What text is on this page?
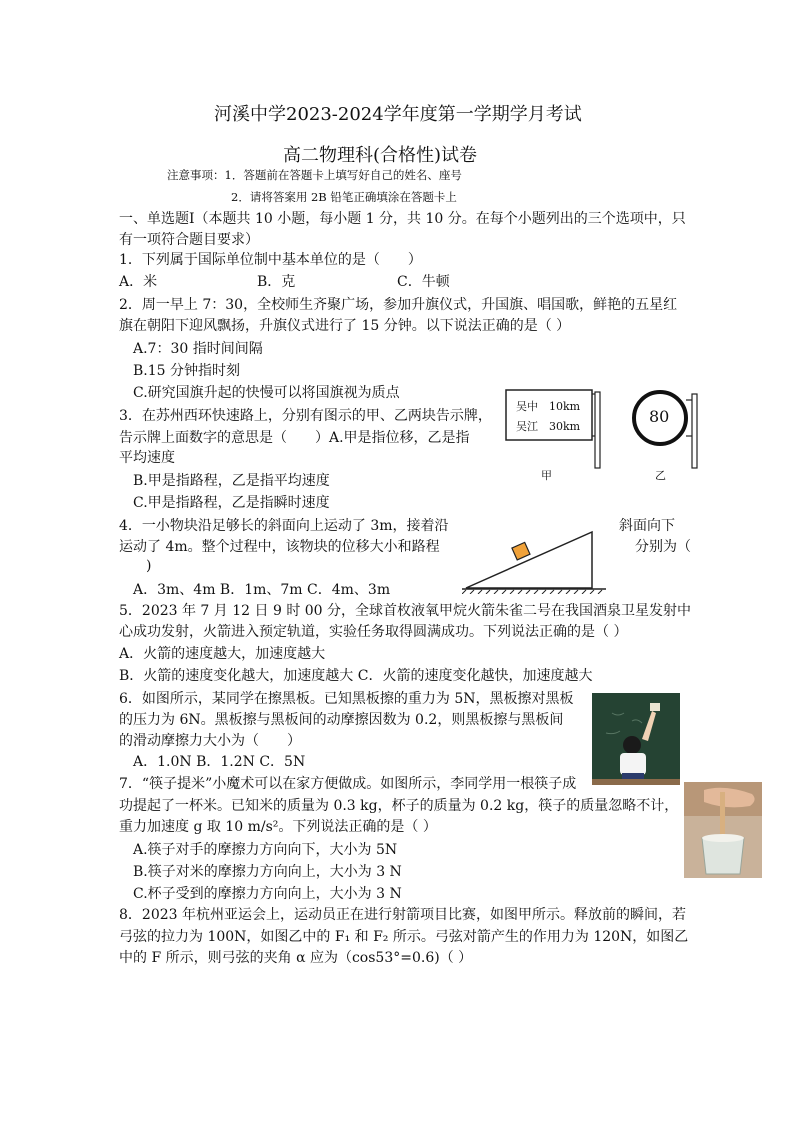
河溪中学2023-2024学年度第一学期学月考试
高二物理科(合格性)试卷
注意事项：1．答题前在答题卡上填写好自己的姓名、座号
2．请将答案用 2B 铅笔正确填涂在答题卡上
一、单选题Ⅰ（本题共 10 小题，每小题 1 分，共 10 分。在每个小题列出的三个选项中，只
有一项符合题目要求）
1．下列属于国际单位制中基本单位的是（　　）
A．米	B．克	C．牛顿
2．周一早上 7：30，全校师生齐聚广场，参加升旗仪式，升国旗、唱国歌，鲜艳的五星红
旗在朝阳下迎风飘扬，升旗仪式进行了 15 分钟。以下说法正确的是（ ）
A.7：30 指时间间隔
B.15 分钟指时刻
C.研究国旗升起的快慢可以将国旗视为质点
3．在苏州西环快速路上，分别有图示的甲、乙两块告示牌，
告示牌上面数字的意思是（　　）A.甲是指位移，乙是指
平均速度
B.甲是指路程，乙是指平均速度
C.甲是指路程，乙是指瞬时速度
吴中　10km
吴江　30km
甲
80
乙
4．一小物块沿足够长的斜面向上运动了 3m，接着沿	斜面向下
运动了 4m。整个过程中，该物块的位移大小和路程	分别为（
)
A．3m、4m B．1m、7m C．4m、3m
5．2023 年 7 月 12 日 9 时 00 分，全球首枚液氧甲烷火箭朱雀二号在我国酒泉卫星发射中
心成功发射，火箭进入预定轨道，实验任务取得圆满成功。下列说法正确的是（ ）
A．火箭的速度越大，加速度越大
B．火箭的速度变化越大，加速度越大 C．火箭的速度变化越快，加速度越大
6．如图所示，某同学在擦黑板。已知黑板擦的重力为 5N，黑板擦对黑板
的压力为 6N。黑板擦与黑板间的动摩擦因数为 0.2，则黑板擦与黑板间
的滑动摩擦力大小为（　　）
A．1.0N B．1.2N C．5N
7．“筷子提米”小魔术可以在家方便做成。如图所示，李同学用一根筷子成
功提起了一杯米。已知米的质量为 0.3 kg，杯子的质量为 0.2 kg，筷子的质量忽略不计，
重力加速度 g 取 10 m/s²。下列说法正确的是（ ）
A.筷子对手的摩擦力方向向下，大小为 5N
B.筷子对米的摩擦力方向向上，大小为 3 N
C.杯子受到的摩擦力方向向上，大小为 3 N
8．2023 年杭州亚运会上，运动员正在进行射箭项目比赛，如图甲所示。释放前的瞬间，若
弓弦的拉力为 100N，如图乙中的 F₁ 和 F₂ 所示。弓弦对箭产生的作用力为 120N，如图乙
中的 F 所示，则弓弦的夹角 α 应为（cos53°=0.6)（ ）
